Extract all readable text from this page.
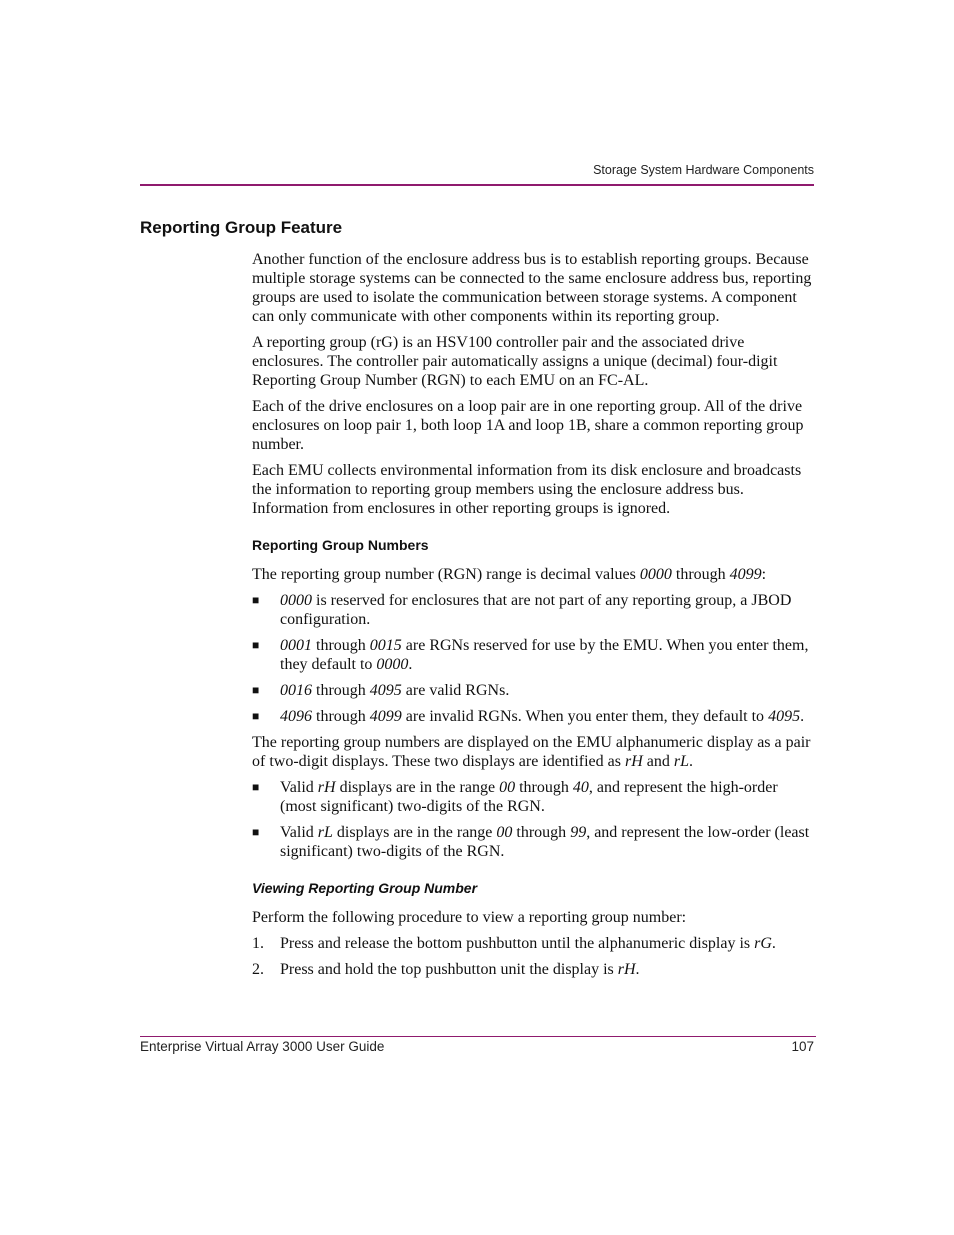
Storage System Hardware Components
Reporting Group Feature

Another function of the enclosure address bus is to establish reporting groups. Because multiple storage systems can be connected to the same enclosure address bus, reporting groups are used to isolate the communication between storage systems. A component can only communicate with other components within its reporting group.

A reporting group (rG) is an HSV100 controller pair and the associated drive enclosures. The controller pair automatically assigns a unique (decimal) four-digit Reporting Group Number (RGN) to each EMU on an FC-AL.

Each of the drive enclosures on a loop pair are in one reporting group. All of the drive enclosures on loop pair 1, both loop 1A and loop 1B, share a common reporting group number.

Each EMU collects environmental information from its disk enclosure and broadcasts the information to reporting group members using the enclosure address bus. Information from enclosures in other reporting groups is ignored.

Reporting Group Numbers

The reporting group number (RGN) range is decimal values 0000 through 4099:

■
0000 is reserved for enclosures that are not part of any reporting group, a JBOD configuration.
■
0001 through 0015 are RGNs reserved for use by the EMU. When you enter them, they default to 0000.
■
0016 through 4095 are valid RGNs.
■
4096 through 4099 are invalid RGNs. When you enter them, they default to 4095.

The reporting group numbers are displayed on the EMU alphanumeric display as a pair of two-digit displays. These two displays are identified as rH and rL.

■
Valid rH displays are in the range 00 through 40, and represent the high-order (most significant) two-digits of the RGN.
■
Valid rL displays are in the range 00 through 99, and represent the low-order (least significant) two-digits of the RGN.
Viewing Reporting Group Number

Perform the following procedure to view a reporting group number:

1.	Press and release the bottom pushbutton until the alphanumeric display is rG.
2.	Press and hold the top pushbutton unit the display is rH.
Enterprise Virtual Array 3000 User Guide	107
